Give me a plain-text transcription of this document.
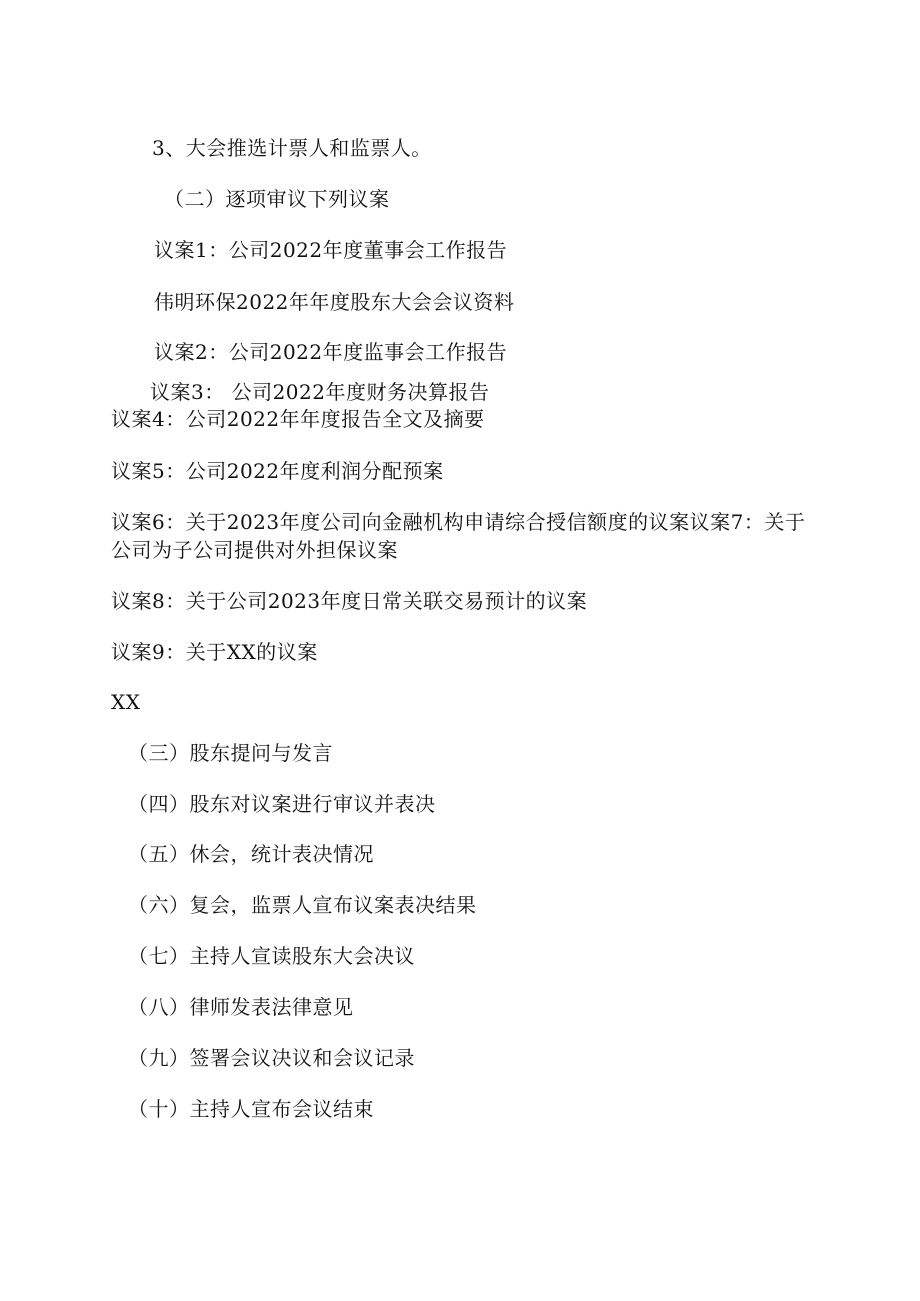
3、大会推选计票人和监票人。
（二）逐项审议下列议案
议案1：公司2022年度董事会工作报告
伟明环保2022年年度股东大会会议资料
议案2：公司2022年度监事会工作报告
议案3： 公司2022年度财务决算报告
议案4：公司2022年年度报告全文及摘要
议案5：公司2022年度利润分配预案
议案6：关于2023年度公司向金融机构申请综合授信额度的议案议案7：关于公司为子公司提供对外担保议案
议案8：关于公司2023年度日常关联交易预计的议案
议案9：关于XX的议案
XX
（三）股东提问与发言
（四）股东对议案进行审议并表决
（五）休会，统计表决情况
（六）复会，监票人宣布议案表决结果
（七）主持人宣读股东大会决议
（八）律师发表法律意见
（九）签署会议决议和会议记录
（十）主持人宣布会议结束
